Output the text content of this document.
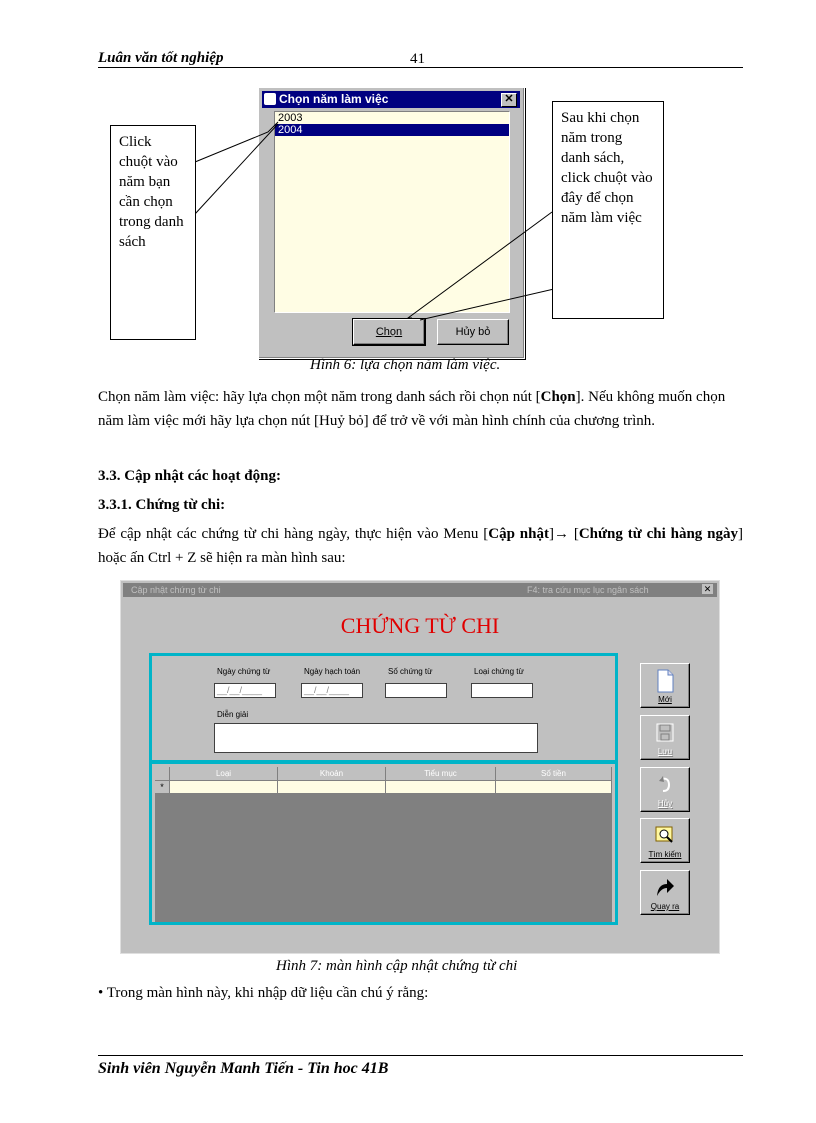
Luân văn tốt nghiệp	41
Chọn năm làm việc	✕
2003
2004
Chọn	Hủy bỏ
Click chuột vào năm bạn cần chọn trong danh sách
Sau khi chọn năm trong danh sách, click chuột vào đây để chọn năm làm việc
Hình 6: lựa chọn năm làm việc.
Chọn năm làm việc: hãy lựa chọn một năm trong danh sách rồi chọn nút [Chọn]. Nếu không muốn chọn năm làm việc mới hãy lựa chọn nút [Huỷ bỏ] để trở về với màn hình chính của chương trình.
3.3. Cập nhật các hoạt động:
3.3.1. Chứng từ chi:
Để cập nhật các chứng từ chi hàng ngày, thực hiện vào Menu [Cập nhật]→ [Chứng từ chi hàng ngày] hoặc ấn Ctrl + Z sẽ hiện ra màn hình sau:
Cập nhật chứng từ chi	F4: tra cứu mục lục ngân sách	✕
CHỨNG TỪ CHI
Ngày chứng từ
__/__/____
Ngày hạch toán
__/__/____
Số chứng từ	Loại chứng từ
Diễn giải
Loại	Khoản	Tiểu mục	Số tiền
*
Mới
Lưu
Hủy
Tìm kiếm
Quay ra
Hình 7: màn hình cập nhật chứng từ chi
• Trong màn hình này, khi nhập dữ liệu cần chú ý rằng:
Sinh viên Nguyễn Manh Tiến - Tin hoc 41B
